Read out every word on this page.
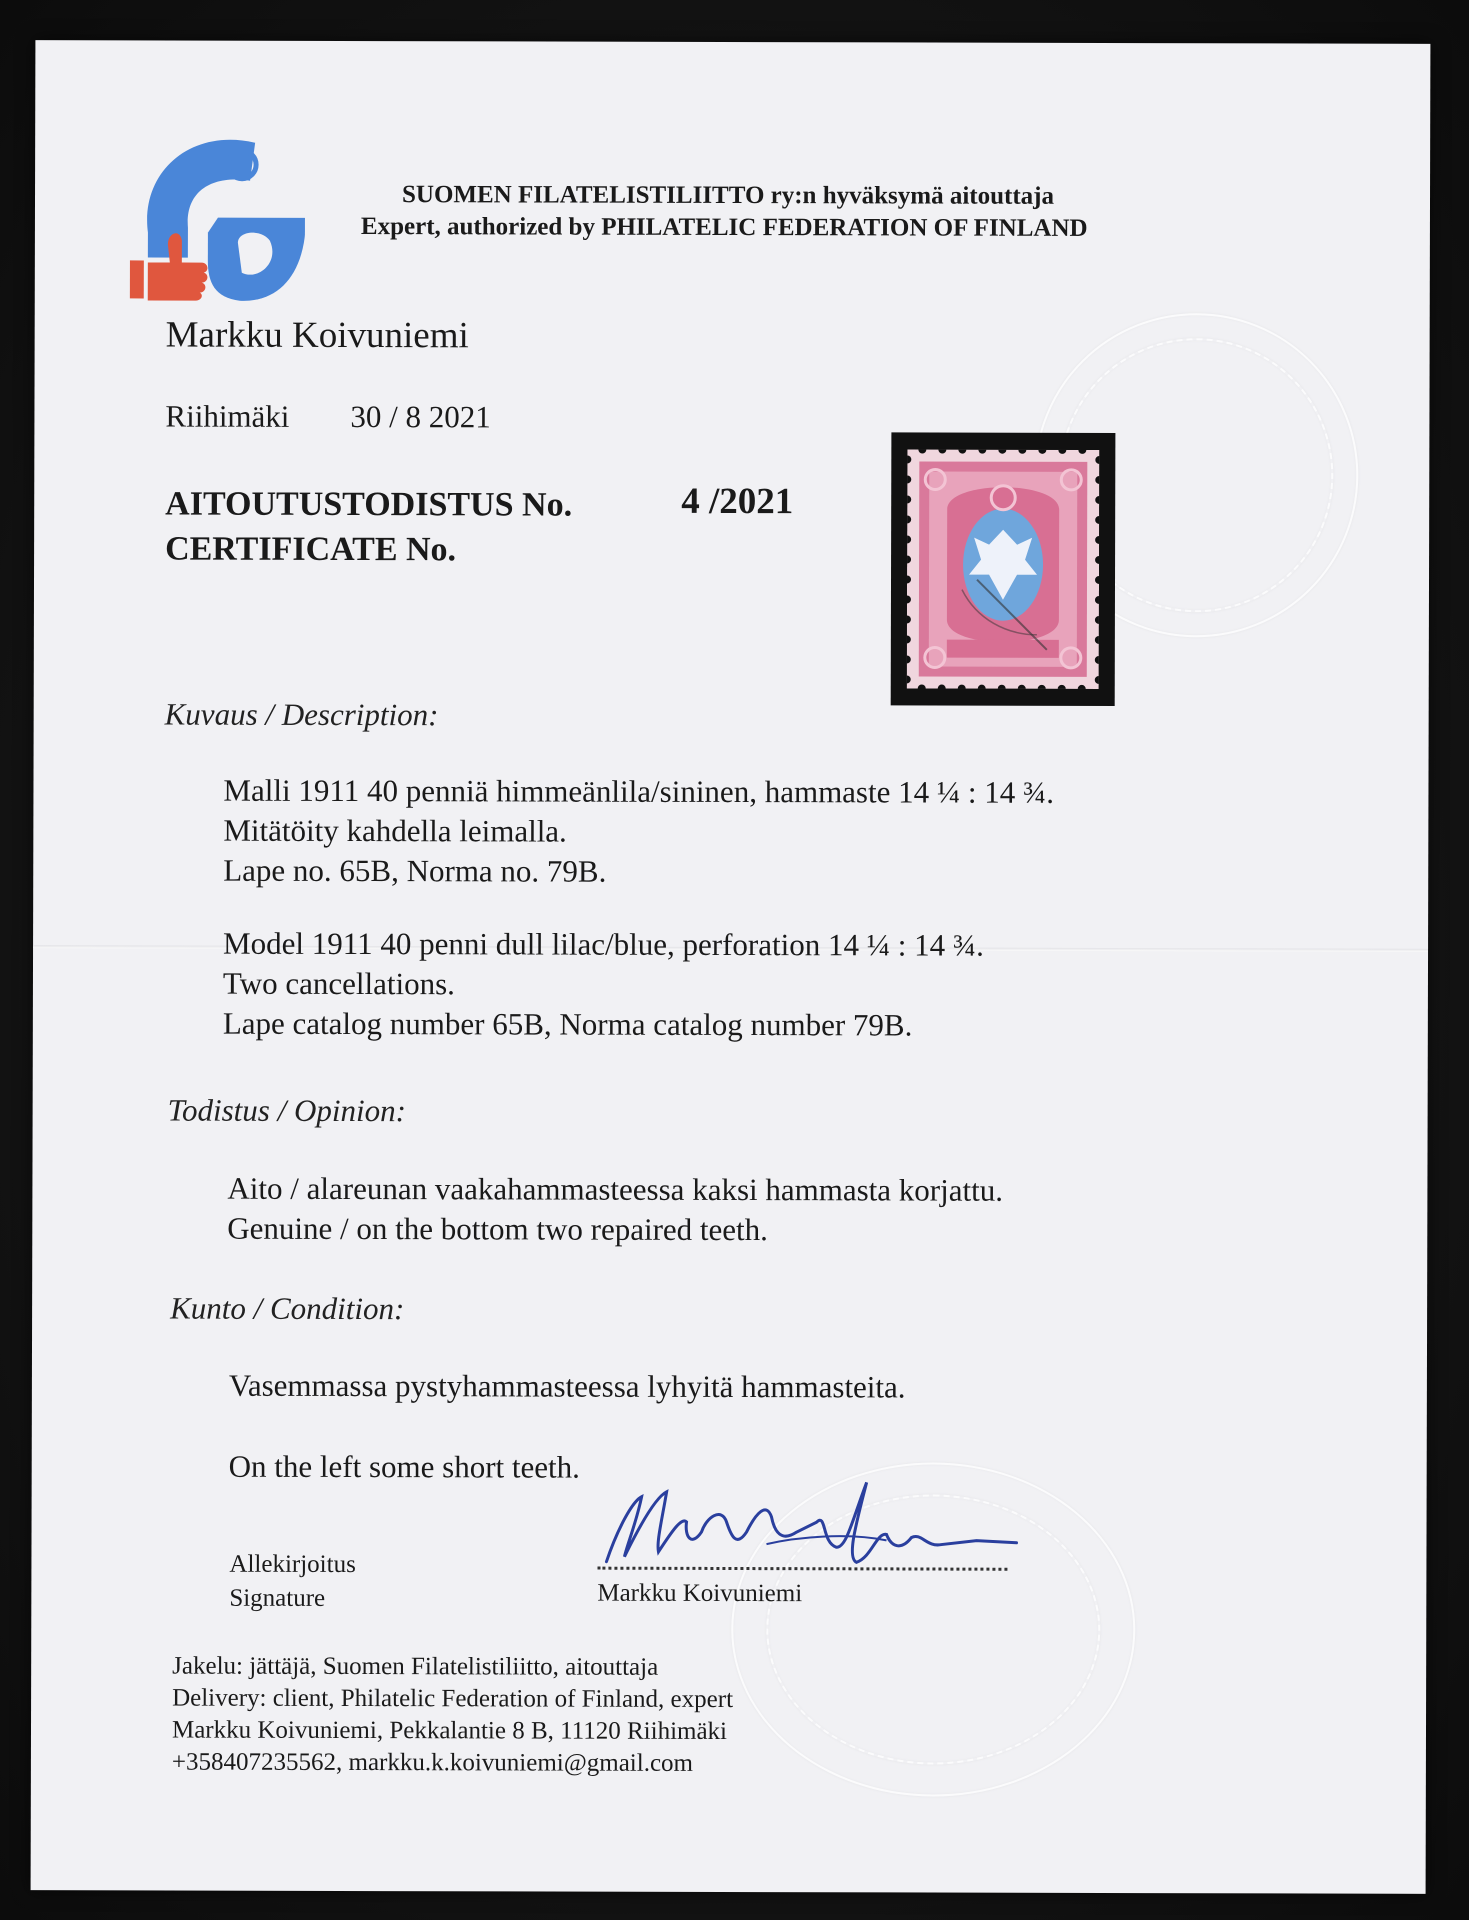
SUOMEN FILATELISTILIITTO ry:n hyväksymä aitouttaja
Expert, authorized by PHILATELIC FEDERATION OF FINLAND
Markku Koivuniemi
Riihimäki 30 / 8 2021
AITOUTUSTODISTUS No.	4 /2021
CERTIFICATE No.
Kuvaus / Description:
Malli 1911 40 penniä himmeänlila/sininen, hammaste 14 ¼ : 14 ¾.
Mitätöity kahdella leimalla.
Lape no. 65B, Norma no. 79B.
Model 1911 40 penni dull lilac/blue, perforation 14 ¼ : 14 ¾.
Two cancellations.
Lape catalog number 65B, Norma catalog number 79B.
Todistus / Opinion:
Aito / alareunan vaakahammasteessa kaksi hammasta korjattu.
Genuine / on the bottom two repaired teeth.
Kunto / Condition:
Vasemmassa pystyhammasteessa lyhyitä hammasteita.
On the left some short teeth.
Allekirjoitus
Signature	Markku Koivuniemi
Jakelu: jättäjä, Suomen Filatelistiliitto, aitouttaja
Delivery: client, Philatelic Federation of Finland, expert
Markku Koivuniemi, Pekkalantie 8 B, 11120 Riihimäki
+358407235562, markku.k.koivuniemi@gmail.com
